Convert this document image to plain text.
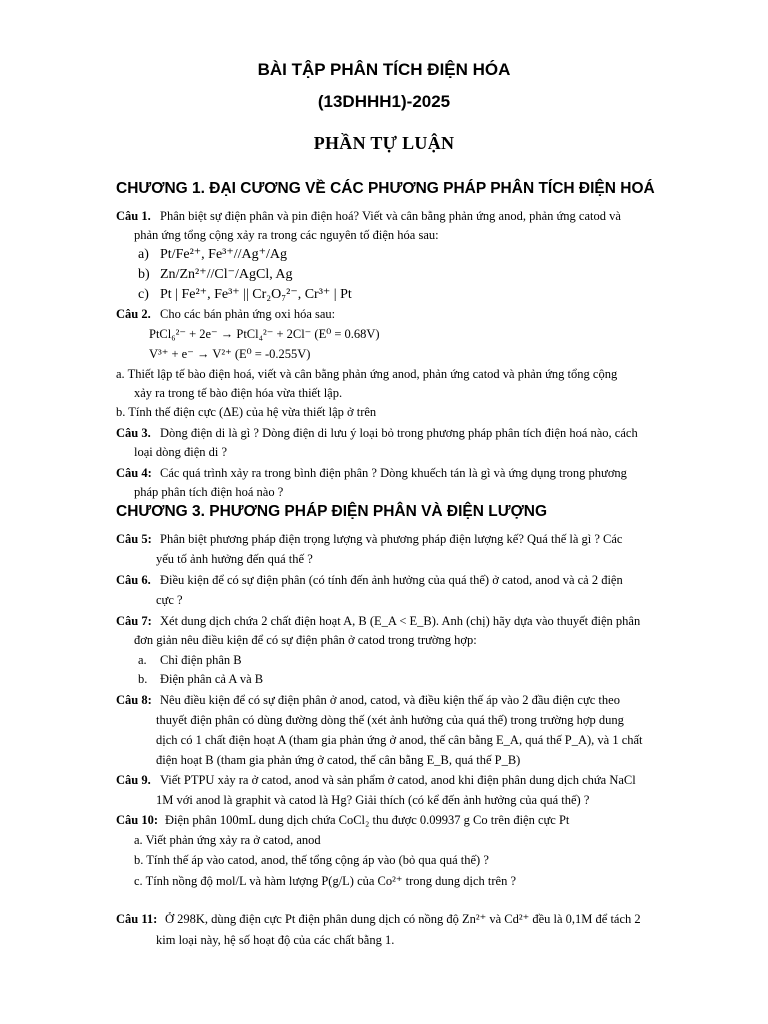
BÀI TẬP PHÂN TÍCH ĐIỆN HÓA
(13DHHH1)-2025
PHẦN TỰ LUẬN
CHƯƠNG 1. ĐẠI CƯƠNG VỀ CÁC PHƯƠNG PHÁP PHÂN TÍCH ĐIỆN HOÁ
Câu 1. Phân biệt sự điện phân và pin điện hoá? Viết và cân bằng phản ứng anod, phản ứng catod và
phản ứng tổng cộng xảy ra trong các nguyên tố điện hóa sau:
a) Pt/Fe²⁺, Fe³⁺//Ag⁺/Ag
b) Zn/Zn²⁺//Cl⁻/AgCl, Ag
c) Pt | Fe²⁺, Fe³⁺ || Cr₂O₇²⁻, Cr³⁺ | Pt
Câu 2. Cho các bán phản ứng oxi hóa sau:
PtCl₆²⁻ + 2e⁻ → PtCl₄²⁻ + 2Cl⁻ (E⁰ = 0.68V)
V³⁺ + e⁻ → V²⁺ (E⁰ = -0.255V)
a. Thiết lập tế bào điện hoá, viết và cân bằng phản ứng anod, phản ứng catod và phản ứng tổng cộng
xảy ra trong tế bào điện hóa vừa thiết lập.
b. Tính thế điện cực (ΔE) của hệ vừa thiết lập ở trên
Câu 3. Dòng điện di là gì ? Dòng điện di lưu ý loại bỏ trong phương pháp phân tích điện hoá nào, cách
loại dòng điện di ?
Câu 4: Các quá trình xảy ra trong bình điện phân ? Dòng khuếch tán là gì và ứng dụng trong phương
pháp phân tích điện hoá nào ?
CHƯƠNG 3. PHƯƠNG PHÁP ĐIỆN PHÂN VÀ ĐIỆN LƯỢNG
Câu 5: Phân biệt phương pháp điện trọng lượng và phương pháp điện lượng kế? Quá thế là gì ? Các
yếu tố ảnh hưởng đến quá thế ?
Câu 6. Điều kiện để có sự điện phân (có tính đến ảnh hưởng của quá thế) ở catod, anod và cả 2 điện
cực ?
Câu 7: Xét dung dịch chứa 2 chất điện hoạt A, B (E_A < E_B). Anh (chị) hãy dựa vào thuyết điện phân
đơn giản nêu điều kiện để có sự điện phân ở catod trong trường hợp:
a. Chỉ điện phân B
b. Điện phân cả A và B
Câu 8: Nêu điều kiện để có sự điện phân ở anod, catod, và điều kiện thế áp vào 2 đầu điện cực theo
thuyết điện phân có dùng đường dòng thế (xét ảnh hưởng của quá thế) trong trường hợp dung
dịch có 1 chất điện hoạt A (tham gia phản ứng ở anod, thế cân bằng E_A, quá thế P_A), và 1 chất
điện hoạt B (tham gia phản ứng ở catod, thế cân bằng E_B, quá thế P_B)
Câu 9. Viết PTPU xảy ra ở catod, anod và sản phẩm ở catod, anod khi điện phân dung dịch chứa NaCl
1M với anod là graphit và catod là Hg? Giải thích (có kể đến ảnh hưởng của quá thế) ?
Câu 10: Điện phân 100mL dung dịch chứa CoCl₂ thu được 0.09937 g Co trên điện cực Pt
a. Viết phản ứng xảy ra ở catod, anod
b. Tính thế áp vào catod, anod, thế tổng cộng áp vào (bỏ qua quá thế) ?
c. Tính nồng độ mol/L và hàm lượng P(g/L) của Co²⁺ trong dung dịch trên ?
Câu 11: Ở 298K, dùng điện cực Pt điện phân dung dịch có nồng độ Zn²⁺ và Cd²⁺ đều là 0,1M để tách 2
kim loại này, hệ số hoạt độ của các chất bằng 1.
